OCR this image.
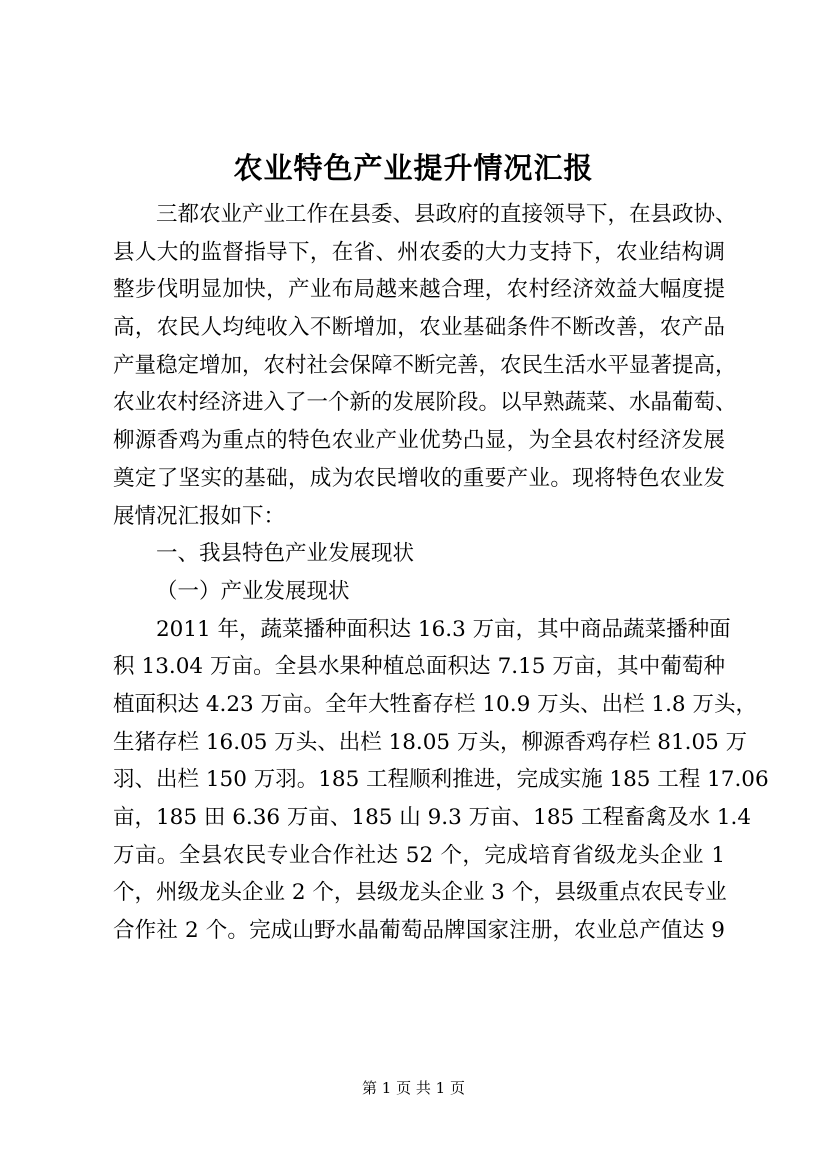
农业特色产业提升情况汇报
三都农业产业工作在县委、县政府的直接领导下，在县政协、
县人大的监督指导下，在省、州农委的大力支持下，农业结构调
整步伐明显加快，产业布局越来越合理，农村经济效益大幅度提
高，农民人均纯收入不断增加，农业基础条件不断改善，农产品
产量稳定增加，农村社会保障不断完善，农民生活水平显著提高，
农业农村经济进入了一个新的发展阶段。以早熟蔬菜、水晶葡萄、
柳源香鸡为重点的特色农业产业优势凸显，为全县农村经济发展
奠定了坚实的基础，成为农民增收的重要产业。现将特色农业发
展情况汇报如下：
一、我县特色产业发展现状
（一）产业发展现状
2011 年，蔬菜播种面积达 16.3 万亩，其中商品蔬菜播种面
积 13.04 万亩。全县水果种植总面积达 7.15 万亩，其中葡萄种
植面积达 4.23 万亩。全年大牲畜存栏 10.9 万头、出栏 1.8 万头，
生猪存栏 16.05 万头、出栏 18.05 万头，柳源香鸡存栏 81.05 万
羽、出栏 150 万羽。185 工程顺利推进，完成实施 185 工程 17.06
亩，185 田 6.36 万亩、185 山 9.3 万亩、185 工程畜禽及水 1.4
万亩。全县农民专业合作社达 52 个，完成培育省级龙头企业 1
个，州级龙头企业 2 个，县级龙头企业 3 个，县级重点农民专业
合作社 2 个。完成山野水晶葡萄品牌国家注册，农业总产值达 9
第 1 页 共 1 页
